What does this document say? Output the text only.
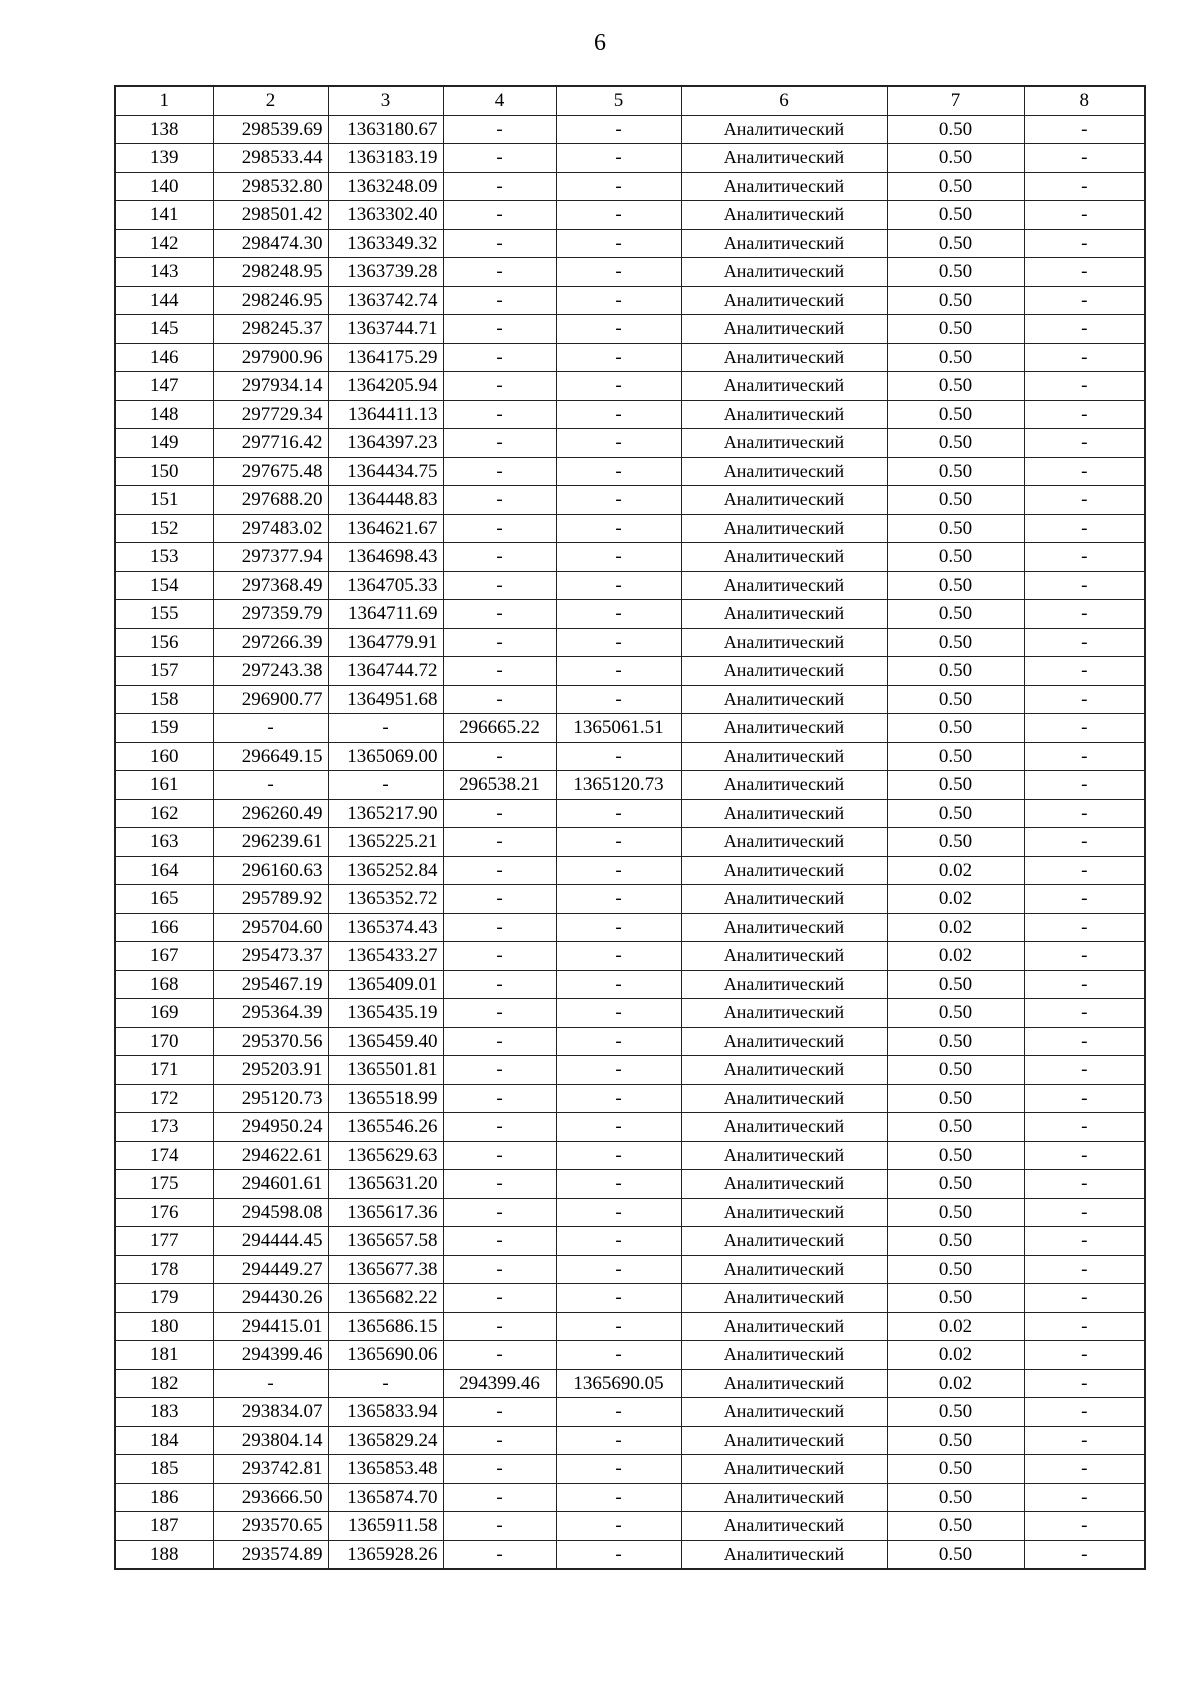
6
1	2	3	4	5	6	7	8
138	298539.69	1363180.67	-	-	Аналитический	0.50	-
139	298533.44	1363183.19	-	-	Аналитический	0.50	-
140	298532.80	1363248.09	-	-	Аналитический	0.50	-
141	298501.42	1363302.40	-	-	Аналитический	0.50	-
142	298474.30	1363349.32	-	-	Аналитический	0.50	-
143	298248.95	1363739.28	-	-	Аналитический	0.50	-
144	298246.95	1363742.74	-	-	Аналитический	0.50	-
145	298245.37	1363744.71	-	-	Аналитический	0.50	-
146	297900.96	1364175.29	-	-	Аналитический	0.50	-
147	297934.14	1364205.94	-	-	Аналитический	0.50	-
148	297729.34	1364411.13	-	-	Аналитический	0.50	-
149	297716.42	1364397.23	-	-	Аналитический	0.50	-
150	297675.48	1364434.75	-	-	Аналитический	0.50	-
151	297688.20	1364448.83	-	-	Аналитический	0.50	-
152	297483.02	1364621.67	-	-	Аналитический	0.50	-
153	297377.94	1364698.43	-	-	Аналитический	0.50	-
154	297368.49	1364705.33	-	-	Аналитический	0.50	-
155	297359.79	1364711.69	-	-	Аналитический	0.50	-
156	297266.39	1364779.91	-	-	Аналитический	0.50	-
157	297243.38	1364744.72	-	-	Аналитический	0.50	-
158	296900.77	1364951.68	-	-	Аналитический	0.50	-
159	-	-	296665.22	1365061.51	Аналитический	0.50	-
160	296649.15	1365069.00	-	-	Аналитический	0.50	-
161	-	-	296538.21	1365120.73	Аналитический	0.50	-
162	296260.49	1365217.90	-	-	Аналитический	0.50	-
163	296239.61	1365225.21	-	-	Аналитический	0.50	-
164	296160.63	1365252.84	-	-	Аналитический	0.02	-
165	295789.92	1365352.72	-	-	Аналитический	0.02	-
166	295704.60	1365374.43	-	-	Аналитический	0.02	-
167	295473.37	1365433.27	-	-	Аналитический	0.02	-
168	295467.19	1365409.01	-	-	Аналитический	0.50	-
169	295364.39	1365435.19	-	-	Аналитический	0.50	-
170	295370.56	1365459.40	-	-	Аналитический	0.50	-
171	295203.91	1365501.81	-	-	Аналитический	0.50	-
172	295120.73	1365518.99	-	-	Аналитический	0.50	-
173	294950.24	1365546.26	-	-	Аналитический	0.50	-
174	294622.61	1365629.63	-	-	Аналитический	0.50	-
175	294601.61	1365631.20	-	-	Аналитический	0.50	-
176	294598.08	1365617.36	-	-	Аналитический	0.50	-
177	294444.45	1365657.58	-	-	Аналитический	0.50	-
178	294449.27	1365677.38	-	-	Аналитический	0.50	-
179	294430.26	1365682.22	-	-	Аналитический	0.50	-
180	294415.01	1365686.15	-	-	Аналитический	0.02	-
181	294399.46	1365690.06	-	-	Аналитический	0.02	-
182	-	-	294399.46	1365690.05	Аналитический	0.02	-
183	293834.07	1365833.94	-	-	Аналитический	0.50	-
184	293804.14	1365829.24	-	-	Аналитический	0.50	-
185	293742.81	1365853.48	-	-	Аналитический	0.50	-
186	293666.50	1365874.70	-	-	Аналитический	0.50	-
187	293570.65	1365911.58	-	-	Аналитический	0.50	-
188	293574.89	1365928.26	-	-	Аналитический	0.50	-
